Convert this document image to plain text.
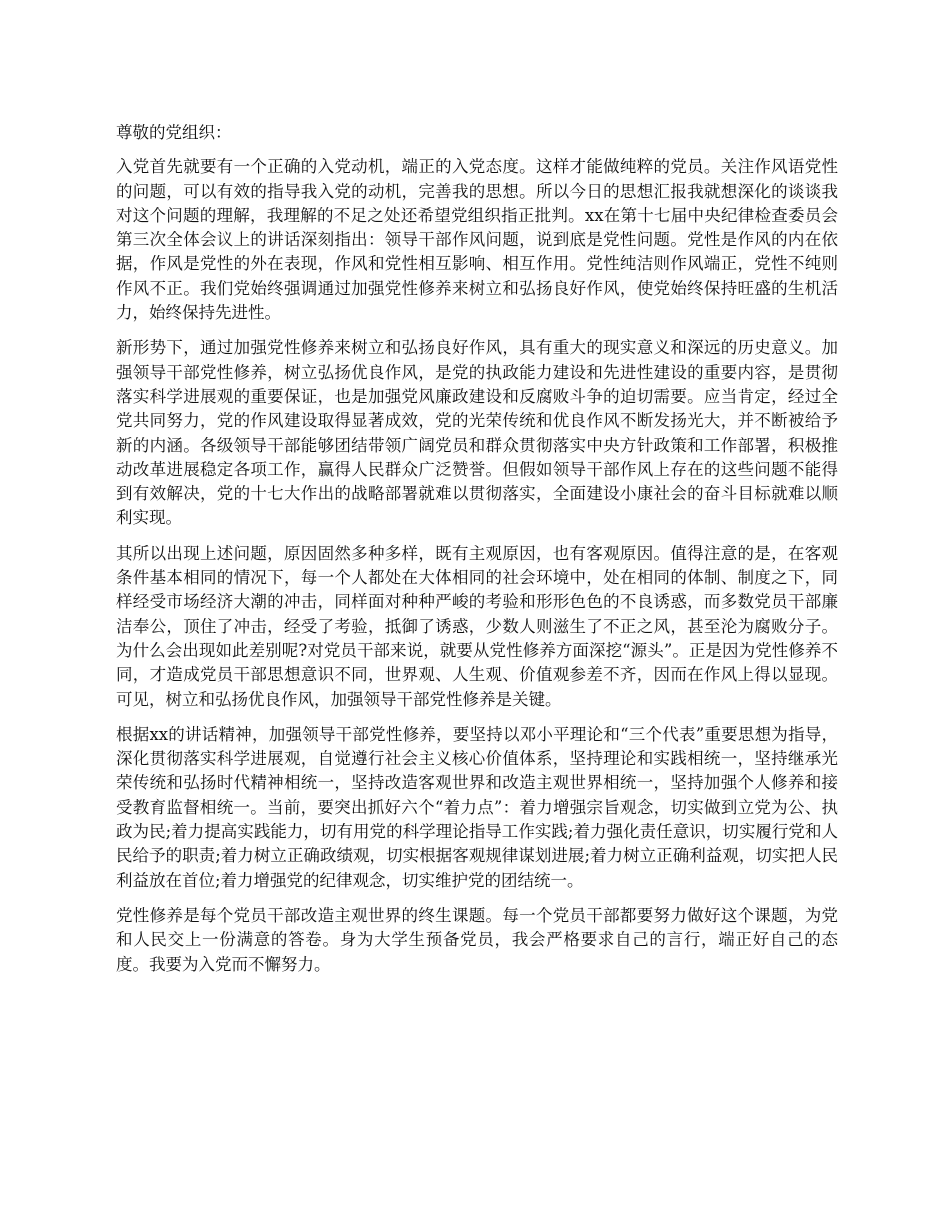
尊敬的党组织：

入党首先就要有一个正确的入党动机，端正的入党态度。这样才能做纯粹的党员。关注作风语党性的问题，可以有效的指导我入党的动机，完善我的思想。所以今日的思想汇报我就想深化的谈谈我对这个问题的理解，我理解的不足之处还希望党组织指正批判。xx在第十七届中央纪律检查委员会第三次全体会议上的讲话深刻指出：领导干部作风问题，说到底是党性问题。党性是作风的内在依据，作风是党性的外在表现，作风和党性相互影响、相互作用。党性纯洁则作风端正，党性不纯则作风不正。我们党始终强调通过加强党性修养来树立和弘扬良好作风，使党始终保持旺盛的生机活力，始终保持先进性。

新形势下，通过加强党性修养来树立和弘扬良好作风，具有重大的现实意义和深远的历史意义。加强领导干部党性修养，树立弘扬优良作风，是党的执政能力建设和先进性建设的重要内容，是贯彻落实科学进展观的重要保证，也是加强党风廉政建设和反腐败斗争的迫切需要。应当肯定，经过全党共同努力，党的作风建设取得显著成效，党的光荣传统和优良作风不断发扬光大，并不断被给予新的内涵。各级领导干部能够团结带领广阔党员和群众贯彻落实中央方针政策和工作部署，积极推动改革进展稳定各项工作，赢得人民群众广泛赞誉。但假如领导干部作风上存在的这些问题不能得到有效解决，党的十七大作出的战略部署就难以贯彻落实，全面建设小康社会的奋斗目标就难以顺利实现。

其所以出现上述问题，原因固然多种多样，既有主观原因，也有客观原因。值得注意的是，在客观条件基本相同的情况下，每一个人都处在大体相同的社会环境中，处在相同的体制、制度之下，同样经受市场经济大潮的冲击，同样面对种种严峻的考验和形形色色的不良诱惑，而多数党员干部廉洁奉公，顶住了冲击，经受了考验，抵御了诱惑，少数人则滋生了不正之风，甚至沦为腐败分子。为什么会出现如此差别呢?对党员干部来说，就要从党性修养方面深挖“源头”。正是因为党性修养不同，才造成党员干部思想意识不同，世界观、人生观、价值观参差不齐，因而在作风上得以显现。可见，树立和弘扬优良作风，加强领导干部党性修养是关键。

根据xx的讲话精神，加强领导干部党性修养，要坚持以邓小平理论和“三个代表”重要思想为指导，深化贯彻落实科学进展观，自觉遵行社会主义核心价值体系，坚持理论和实践相统一，坚持继承光荣传统和弘扬时代精神相统一，坚持改造客观世界和改造主观世界相统一，坚持加强个人修养和接受教育监督相统一。当前，要突出抓好六个“着力点”：着力增强宗旨观念，切实做到立党为公、执政为民;着力提高实践能力，切有用党的科学理论指导工作实践;着力强化责任意识，切实履行党和人民给予的职责;着力树立正确政绩观，切实根据客观规律谋划进展;着力树立正确利益观，切实把人民利益放在首位;着力增强党的纪律观念，切实维护党的团结统一。

党性修养是每个党员干部改造主观世界的终生课题。每一个党员干部都要努力做好这个课题，为党和人民交上一份满意的答卷。身为大学生预备党员，我会严格要求自己的言行，端正好自己的态度。我要为入党而不懈努力。
